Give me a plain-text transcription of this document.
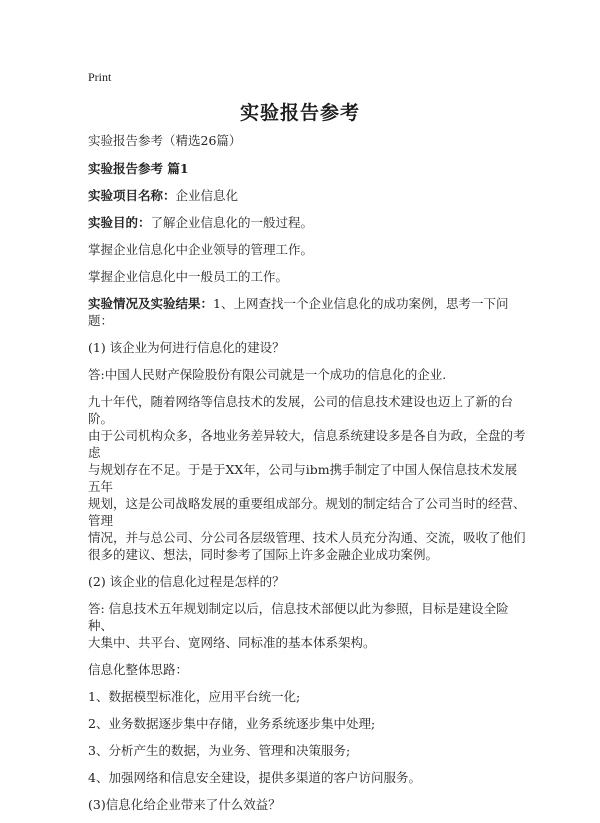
Print
实验报告参考

实验报告参考（精选26篇）

实验报告参考 篇1

实验项目名称：企业信息化

实验目的：了解企业信息化的一般过程。

掌握企业信息化中企业领导的管理工作。

掌握企业信息化中一般员工的工作。

实验情况及实验结果：1、上网查找一个企业信息化的成功案例，思考一下问题：

(1) 该企业为何进行信息化的建设？

答:中国人民财产保险股份有限公司就是一个成功的信息化的企业.

九十年代，随着网络等信息技术的发展，公司的信息技术建设也迈上了新的台阶。
由于公司机构众多，各地业务差异较大，信息系统建设多是各自为政，全盘的考虑
与规划存在不足。于是于XX年，公司与ibm携手制定了中国人保信息技术发展五年
规划，这是公司战略发展的重要组成部分。规划的制定结合了公司当时的经营、管理
情况，并与总公司、分公司各层级管理、技术人员充分沟通、交流，吸收了他们
很多的建议、想法，同时参考了国际上许多金融企业成功案例。

(2) 该企业的信息化过程是怎样的？

答: 信息技术五年规划制定以后，信息技术部便以此为参照，目标是建设全险种、
大集中、共平台、宽网络、同标准的基本体系架构。

信息化整体思路：

1、数据模型标准化，应用平台统一化;

2、业务数据逐步集中存储，业务系统逐步集中处理;

3、分析产生的数据，为业务、管理和决策服务;

4、加强网络和信息安全建设，提供多渠道的客户访问服务。

(3)信息化给企业带来了什么效益？
